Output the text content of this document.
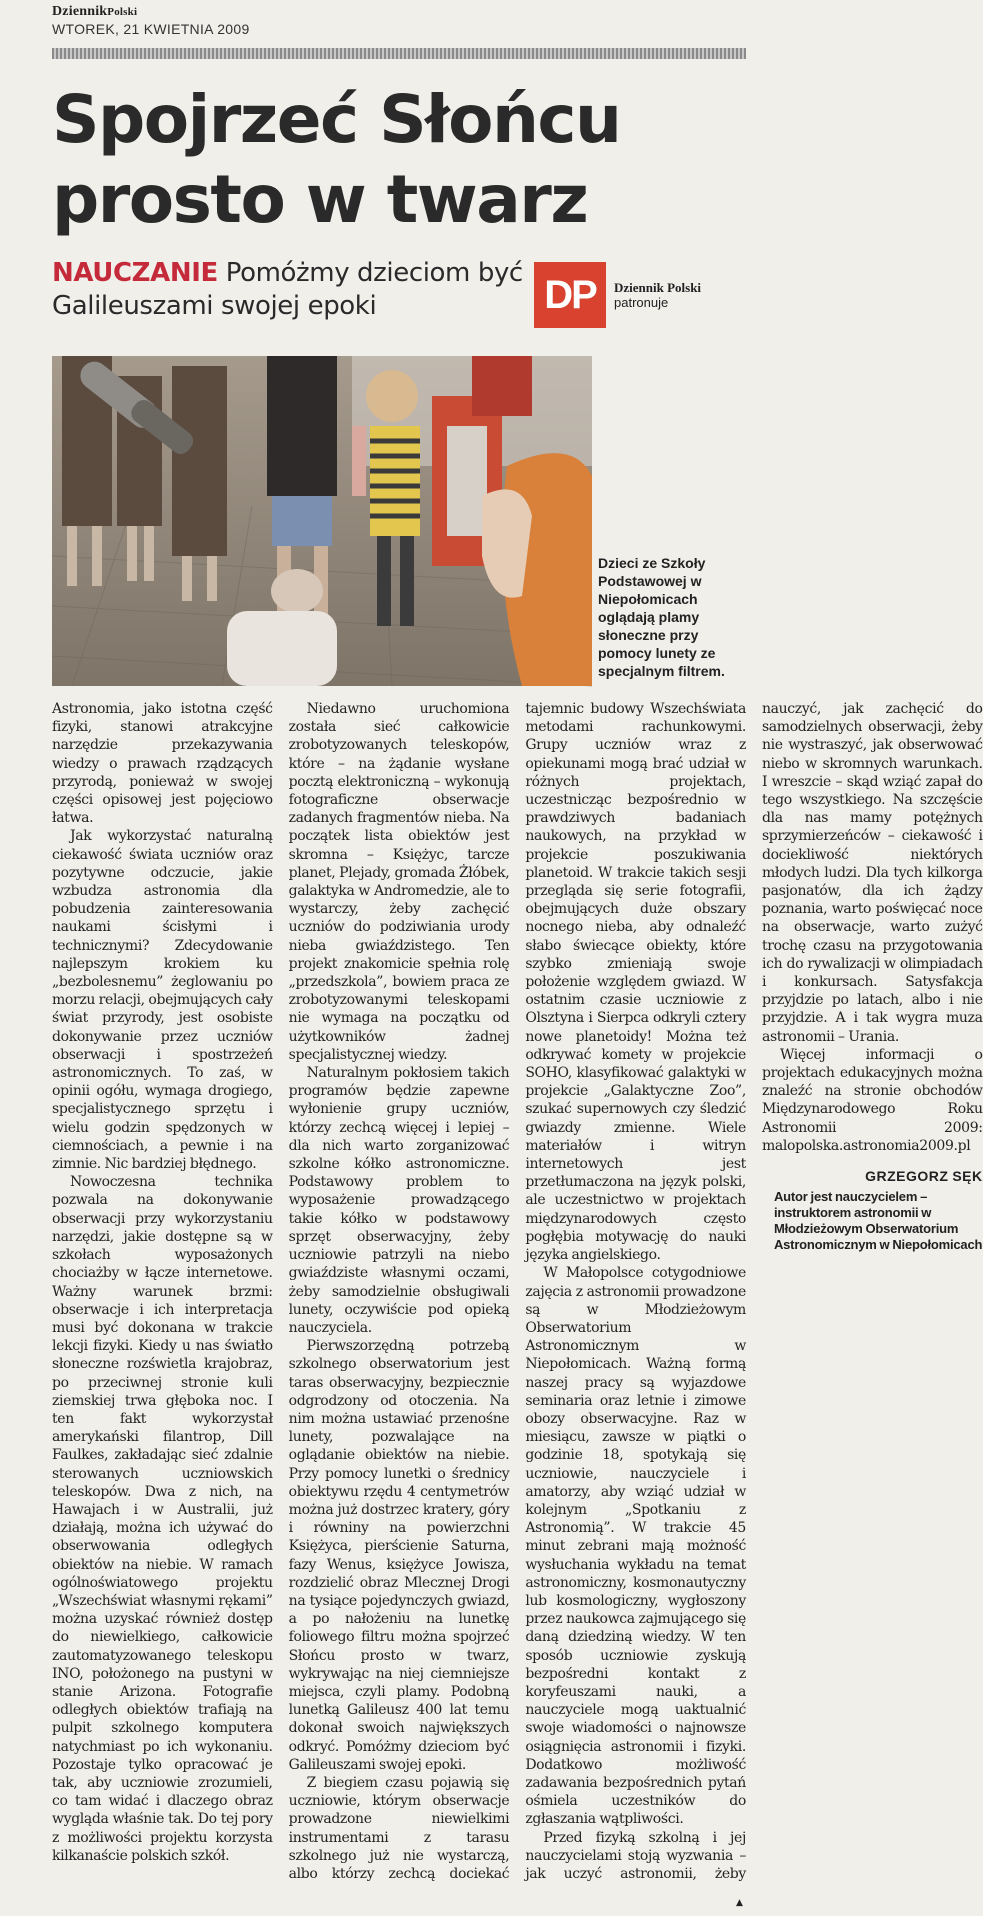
DziennikPolski
WTOREK, 21 KWIETNIA 2009
Spojrzeć Słońcu
prosto w twarz
NAUCZANIE Pomóżmy dzieciom być Galileuszami swojej epoki	DP	Dziennik Polski
patronuje
Dzieci ze Szkoły Podstawowej w Niepołomicach oglądają plamy słoneczne przy pomocy lunety ze specjalnym filtrem.

Astronomia, jako istotna część fizyki, stanowi atrakcyjne narzędzie przekazywania wiedzy o prawach rządzących przyrodą, ponieważ w swojej części opisowej jest pojęciowo łatwa.

Jak wykorzystać naturalną ciekawość świata uczniów oraz pozytywne odczucie, jakie wzbudza astronomia dla pobudzenia zainteresowania naukami ścisłymi i technicznymi? Zdecydowanie najlepszym krokiem ku „bezbolesnemu” żeglowaniu po morzu relacji, obejmujących cały świat przyrody, jest osobiste dokonywanie przez uczniów obserwacji i spostrzeżeń astronomicznych. To zaś, w opinii ogółu, wymaga drogiego, specjalistycznego sprzętu i wielu godzin spędzonych w ciemnościach, a pewnie i na zimnie. Nic bardziej błędnego.

Nowoczesna technika pozwala na dokonywanie obserwacji przy wykorzystaniu narzędzi, jakie dostępne są w szkołach wyposażonych chociażby w łącze internetowe. Ważny warunek brzmi: obserwacje i ich interpretacja musi być dokonana w trakcie lekcji fizyki. Kiedy u nas światło słoneczne rozświetla krajobraz, po przeciwnej stronie kuli ziemskiej trwa głęboka noc. I ten fakt wykorzystał amerykański filantrop, Dill Faulkes, zakładając sieć zdalnie sterowanych uczniowskich teleskopów. Dwa z nich, na Hawajach i w Australii, już działają, można ich używać do obserwowania odległych obiektów na niebie. W ramach ogólnoświatowego projektu „Wszechświat własnymi rękami” można uzyskać również dostęp do niewielkiego, całkowicie zautomatyzowanego teleskopu INO, położonego na pustyni w stanie Arizona. Fotografie odległych obiektów trafiają na pulpit szkolnego komputera natychmiast po ich wykonaniu. Pozostaje tylko opracować je tak, aby uczniowie zrozumieli, co tam widać i dlaczego obraz wygląda właśnie tak. Do tej pory z możliwości projektu korzysta kilkanaście polskich szkół.

Niedawno uruchomiona została sieć całkowicie zrobotyzowanych teleskopów, które – na żądanie wysłane pocztą elektroniczną – wykonują fotograficzne obserwacje zadanych fragmentów nieba. Na początek lista obiektów jest skromna – Księżyc, tarcze planet, Plejady, gromada Żłóbek, galaktyka w Andromedzie, ale to wystarczy, żeby zachęcić uczniów do podziwiania urody nieba gwiaździstego. Ten projekt znakomicie spełnia rolę „przedszkola”, bowiem praca ze zrobotyzowanymi teleskopami nie wymaga na początku od użytkowników żadnej specjalistycznej wiedzy.

Naturalnym pokłosiem takich programów będzie zapewne wyłonienie grupy uczniów, którzy zechcą więcej i lepiej – dla nich warto zorganizować szkolne kółko astronomiczne. Podstawowy problem to wyposażenie prowadzącego takie kółko w podstawowy sprzęt obserwacyjny, żeby uczniowie patrzyli na niebo gwiaździste własnymi oczami, żeby samodzielnie obsługiwali lunety, oczywiście pod opieką nauczyciela.

Pierwszorzędną potrzebą szkolnego obserwatorium jest taras obserwacyjny, bezpiecznie odgrodzony od otoczenia. Na nim można ustawiać przenośne lunety, pozwalające na oglądanie obiektów na niebie. Przy pomocy lunetki o średnicy obiektywu rzędu 4 centymetrów można już dostrzec kratery, góry i równiny na powierzchni Księżyca, pierścienie Saturna, fazy Wenus, księżyce Jowisza, rozdzielić obraz Mlecznej Drogi na tysiące pojedynczych gwiazd, a po nałożeniu na lunetkę foliowego filtru można spojrzeć Słońcu prosto w twarz, wykrywając na niej ciemniejsze miejsca, czyli plamy. Podobną lunetką Galileusz 400 lat temu dokonał swoich największych odkryć. Pomóżmy dzieciom być Galileuszami swojej epoki.

Z biegiem czasu pojawią się uczniowie, którym obserwacje prowadzone niewielkimi instrumentami z tarasu szkolnego już nie wystarczą, albo którzy zechcą dociekać tajemnic budowy Wszechświata metodami rachunkowymi. Grupy uczniów wraz z opiekunami mogą brać udział w różnych projektach, uczestnicząc bezpośrednio w prawdziwych badaniach naukowych, na przykład w projekcie poszukiwania planetoid. W trakcie takich sesji przegląda się serie fotografii, obejmujących duże obszary nocnego nieba, aby odnaleźć słabo świecące obiekty, które szybko zmieniają swoje położenie względem gwiazd. W ostatnim czasie uczniowie z Olsztyna i Sierpca odkryli cztery nowe planetoidy! Można też odkrywać komety w projekcie SOHO, klasyfikować galaktyki w projekcie „Galaktyczne Zoo”, szukać supernowych czy śledzić gwiazdy zmienne. Wiele materiałów i witryn internetowych jest przetłumaczona na język polski, ale uczestnictwo w projektach międzynarodowych często pogłębia motywację do nauki języka angielskiego.

W Małopolsce cotygodniowe zajęcia z astronomii prowadzone są w Młodzieżowym Obserwatorium Astronomicznym w Niepołomicach. Ważną formą naszej pracy są wyjazdowe seminaria oraz letnie i zimowe obozy obserwacyjne. Raz w miesiącu, zawsze w piątki o godzinie 18, spotykają się uczniowie, nauczyciele i amatorzy, aby wziąć udział w kolejnym „Spotkaniu z Astronomią”. W trakcie 45 minut zebrani mają możność wysłuchania wykładu na temat astronomiczny, kosmonautyczny lub kosmologiczny, wygłoszony przez naukowca zajmującego się daną dziedziną wiedzy. W ten sposób uczniowie zyskują bezpośredni kontakt z koryfeuszami nauki, a nauczyciele mogą uaktualnić swoje wiadomości o najnowsze osiągnięcia astronomii i fizyki. Dodatkowo możliwość zadawania bezpośrednich pytań ośmiela uczestników do zgłaszania wątpliwości.

Przed fizyką szkolną i jej nauczycielami stoją wyzwania – jak uczyć astronomii, żeby nauczyć, jak zachęcić do samodzielnych obserwacji, żeby nie wystraszyć, jak obserwować niebo w skromnych warunkach. I wreszcie – skąd wziąć zapał do tego wszystkiego. Na szczęście dla nas mamy potężnych sprzymierzeńców – ciekawość i dociekliwość niektórych młodych ludzi. Dla tych kilkorga pasjonatów, dla ich żądzy poznania, warto poświęcać noce na obserwacje, warto zużyć trochę czasu na przygotowania ich do rywalizacji w olimpiadach i konkursach. Satysfakcja przyjdzie po latach, albo i nie przyjdzie. A i tak wygra muza astronomii – Urania.

Więcej informacji o projektach edukacyjnych można znaleźć na stronie obchodów Międzynarodowego Roku Astronomii 2009: malopolska.astronomia2009.pl

GRZEGORZ SĘK
Autor jest nauczycielem – instruktorem astronomii w Młodzieżowym Obserwatorium Astronomicznym w Niepołomicach
▲
